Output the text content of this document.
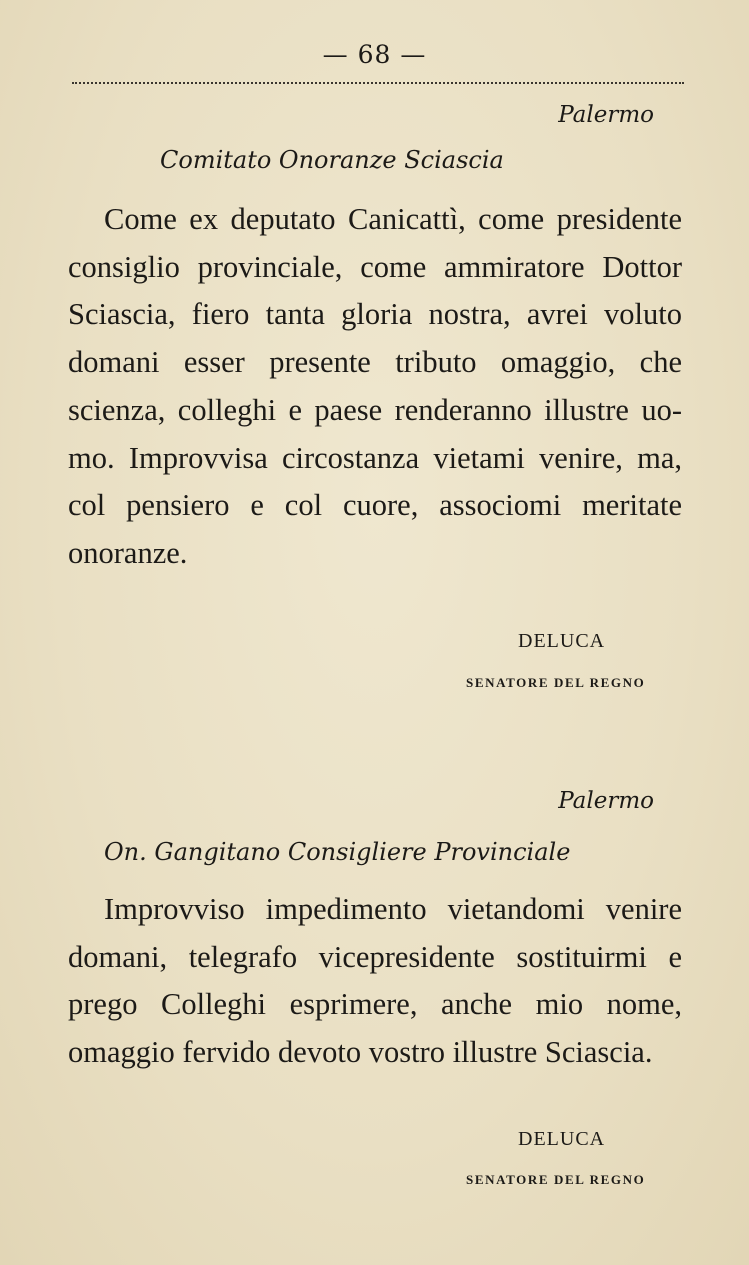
— 68 —
Palermo
Comitato Onoranze Sciascia
Come ex deputato Canicattì, come presidente consiglio provinciale, come ammiratore Dottor Sciascia, fiero tanta gloria nostra, avrei voluto domani esser presente tributo omaggio, che scienza, colleghi e paese renderanno illustre uomo. Improvvisa circostanza vietami venire, ma, col pensiero e col cuore, associomi meritate onoranze.
DELUCA
SENATORE DEL REGNO
Palermo
On. Gangitano Consigliere Provinciale
Improvviso impedimento vietandomi venire domani, telegrafo vicepresidente sostituirmi e prego Colleghi esprimere, anche mio nome, omaggio fervido devoto vostro illustre Sciascia.
DELUCA
SENATORE DEL REGNO
